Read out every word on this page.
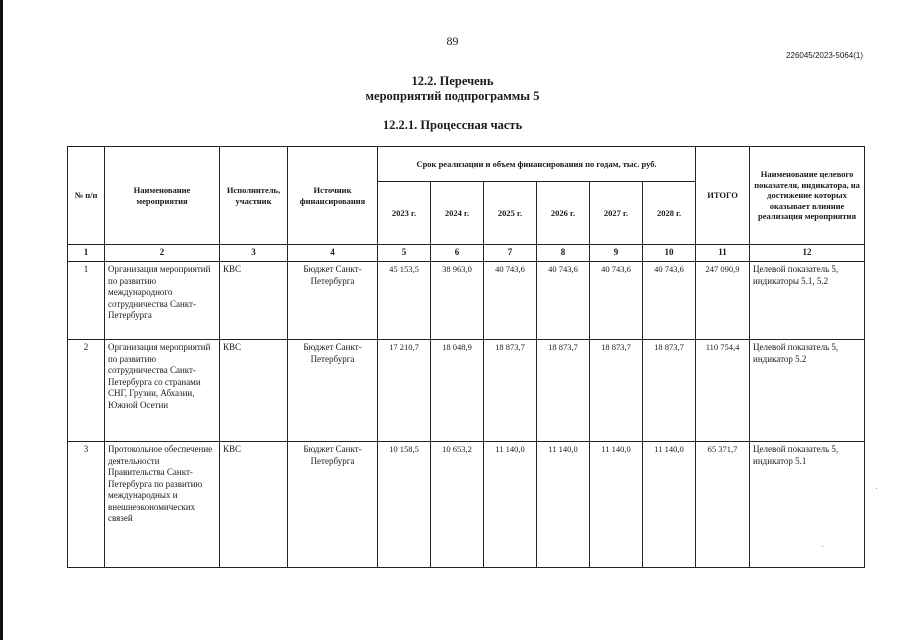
89
226045/2023-5064(1)
12.2. Перечень
мероприятий подпрограммы 5
12.2.1. Процессная часть
№ п/п	Наименование мероприятия	Исполнитель, участник	Источник финансирования	Срок реализации и объем финансирования по годам, тыс. руб.						ИТОГО	Наименование целевого показателя, индикатора, на достижение которых оказывает влияние реализация мероприятия
				2023 г.	2024 г.	2025 г.	2026 г.	2027 г.	2028 г.		
1	2	3	4	5	6	7	8	9	10	11	12
1	Организация мероприятий по развитию международного сотрудничества Санкт-Петербурга	КВС	Бюджет Санкт-Петербурга	45 153,5	38 963,0	40 743,6	40 743,6	40 743,6	40 743,6	247 090,9	Целевой показатель 5, индикаторы 5.1, 5.2
2	Организация мероприятий по развитию сотрудничества Санкт-Петербурга со странами СНГ, Грузии, Абхазии, Южной Осетии	КВС	Бюджет Санкт-Петербурга	17 210,7	18 048,9	18 873,7	18 873,7	18 873,7	18 873,7	110 754,4	Целевой показатель 5, индикатор 5.2
3	Протокольное обеспечение деятельности Правительства Санкт-Петербурга по развитию международных и внешнеэкономических связей	КВС	Бюджет Санкт-Петербурга	10 158,5	10 653,2	11 140,0	11 140,0	11 140,0	11 140,0	65 371,7	Целевой показатель 5, индикатор 5.1
